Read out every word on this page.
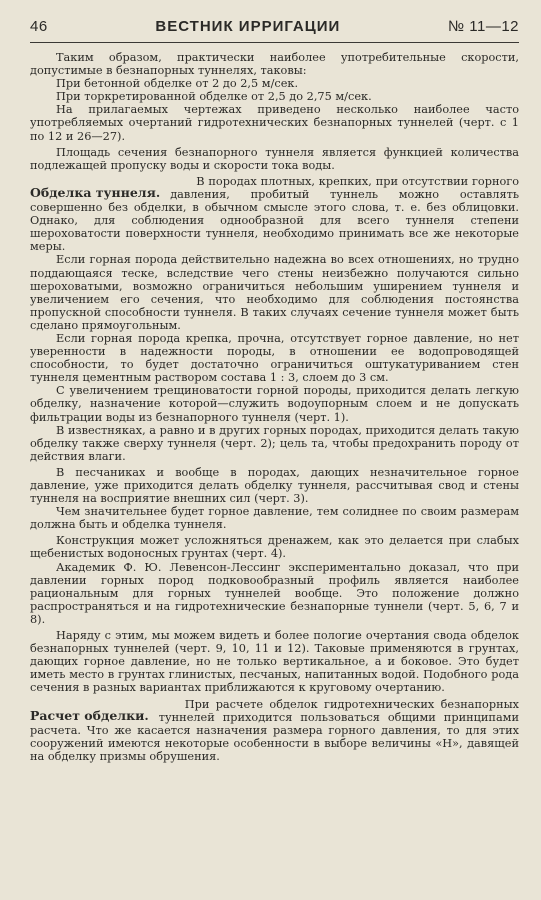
46	ВЕСТНИК ИРРИГАЦИИ	№ 11—12

Таким образом, практически наиболее употребительные скорости, допустимые в безнапорных туннелях, таковы:

При бетонной обделке от 2 до 2,5 м/сек.

При торкретированной обделке от 2,5 до 2,75 м/сек.

На прилагаемых чертежах приведено несколько наиболее часто употребляемых очертаний гидротехнических безнапорных туннелей (черт. с 1 по 12 и 26—27).

Площадь сечения безнапорного туннеля является функцией количества подлежащей пропуску воды и скорости тока воды.

Обделка туннеля.

В породах плотных, крепких, при отсутствии горного давления, пробитый туннель можно оставлять совершенно без обделки, в обычном смысле этого слова, т. е. без облицовки. Однако, для соблюдения однообразной для всего туннеля степени шероховатости поверхности туннеля, необходимо принимать все же некоторые меры.

Если горная порода действительно надежна во всех отношениях, но трудно поддающаяся теске, вследствие чего стены неизбежно получаются сильно шероховатыми, возможно ограничиться небольшим уширением туннеля и увеличением его сечения, что необходимо для соблюдения постоянства пропускной способности туннеля. В таких случаях сечение туннеля может быть сделано прямоугольным.

Если горная порода крепка, прочна, отсутствует горное давление, но нет уверенности в надежности породы, в отношении ее водопроводящей способности, то будет достаточно ограничиться оштукатуриванием стен туннеля цементным раствором состава 1 : 3, слоем до 3 см.

С увеличением трещиноватости горной породы, приходится делать легкую обделку, назначение которой—служить водоупорным слоем и не допускать фильтрации воды из безнапорного туннеля (черт. 1).

В известняках, а равно и в других горных породах, приходится делать такую обделку также сверху туннеля (черт. 2); цель та, чтобы предохранить породу от действия влаги.

В песчаниках и вообще в породах, дающих незначительное горное давление, уже приходится делать обделку туннеля, рассчитывая свод и стены туннеля на восприятие внешних сил (черт. 3).

Чем значительнее будет горное давление, тем солиднее по своим размерам должна быть и обделка туннеля.

Конструкция может усложняться дренажем, как это делается при слабых щебенистых водоносных грунтах (черт. 4).

Академик Ф. Ю. Левенсон-Лессинг экспериментально доказал, что при давлении горных пород подковообразный профиль является наиболее рациональным для горных туннелей вообще. Это положение должно распространяться и на гидротехнические безнапорные туннели (черт. 5, 6, 7 и 8).

Наряду с этим, мы можем видеть и более пологие очертания свода обделок безнапорных туннелей (черт. 9, 10, 11 и 12). Таковые применяются в грунтах, дающих горное давление, но не только вертикальное, а и боковое. Это будет иметь место в грунтах глинистых, песчаных, напитанных водой. Подобного рода сечения в разных вариантах приближаются к круговому очертанию.

Расчет обделки.

При расчете обделок гидротехнических безнапорных туннелей приходится пользоваться общими принципами расчета. Что же касается назначения размера горного давления, то для этих сооружений имеются некоторые особенности в выборе величины «Н», давящей на обделку призмы обрушения.
